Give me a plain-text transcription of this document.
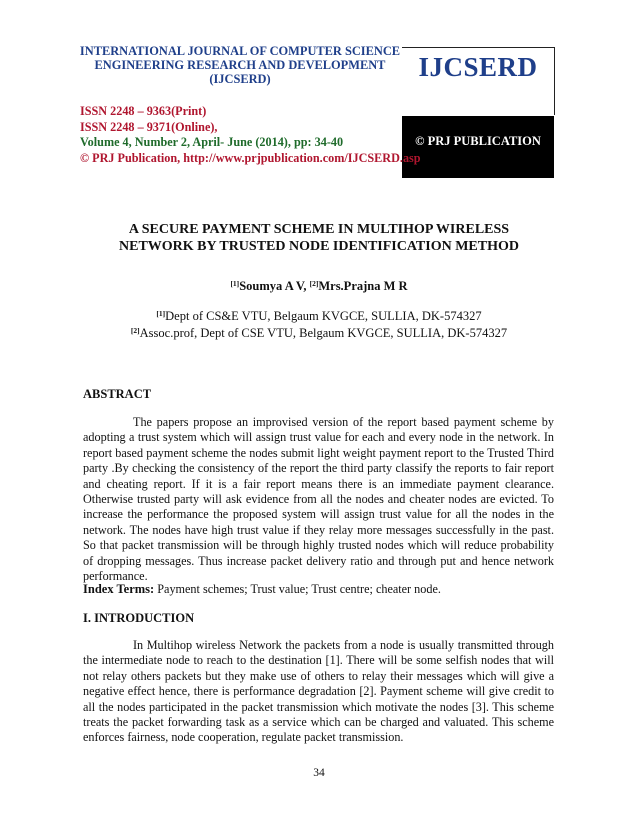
INTERNATIONAL JOURNAL OF COMPUTER SCIENCE
ENGINEERING RESEARCH AND DEVELOPMENT
(IJCSERD)	IJCSERD
© PRJ PUBLICATION
ISSN 2248 – 9363(Print)
ISSN 2248 – 9371(Online),
Volume 4, Number 2, April- June (2014), pp: 34-40
© PRJ Publication, http://www.prjpublication.com/IJCSERD.asp
A SECURE PAYMENT SCHEME IN MULTIHOP WIRELESS
NETWORK BY TRUSTED NODE IDENTIFICATION METHOD
[1]Soumya A V, [2]Mrs.Prajna M R
[1]Dept of CS&E VTU, Belgaum KVGCE, SULLIA, DK-574327
[2]Assoc.prof, Dept of CSE VTU, Belgaum KVGCE, SULLIA, DK-574327
ABSTRACT

The papers propose an improvised version of the report based payment scheme by adopting a trust system which will assign trust value for each and every node in the network. In report based payment scheme the nodes submit light weight payment report to the Trusted Third party .By checking the consistency of the report the third party classify the reports to fair report and cheating report. If it is a fair report means there is an immediate payment clearance. Otherwise trusted party will ask evidence from all the nodes and cheater nodes are evicted. To increase the performance the proposed system will assign trust value for all the nodes in the network. The nodes have high trust value if they relay more messages successfully in the past. So that packet transmission will be through highly trusted nodes which will reduce probability of dropping messages. Thus increase packet delivery ratio and through put and hence network performance.

Index Terms: Payment schemes; Trust value; Trust centre; cheater node.
I. INTRODUCTION

In Multihop wireless Network the packets from a node is usually transmitted through the intermediate node to reach to the destination [1]. There will be some selfish nodes that will not relay others packets but they make use of others to relay their messages which will give a negative effect hence, there is performance degradation [2]. Payment scheme will give credit to all the nodes participated in the packet transmission which motivate the nodes [3]. This scheme treats the packet forwarding task as a service which can be charged and valuated. This scheme enforces fairness, node cooperation, regulate packet transmission.

34
